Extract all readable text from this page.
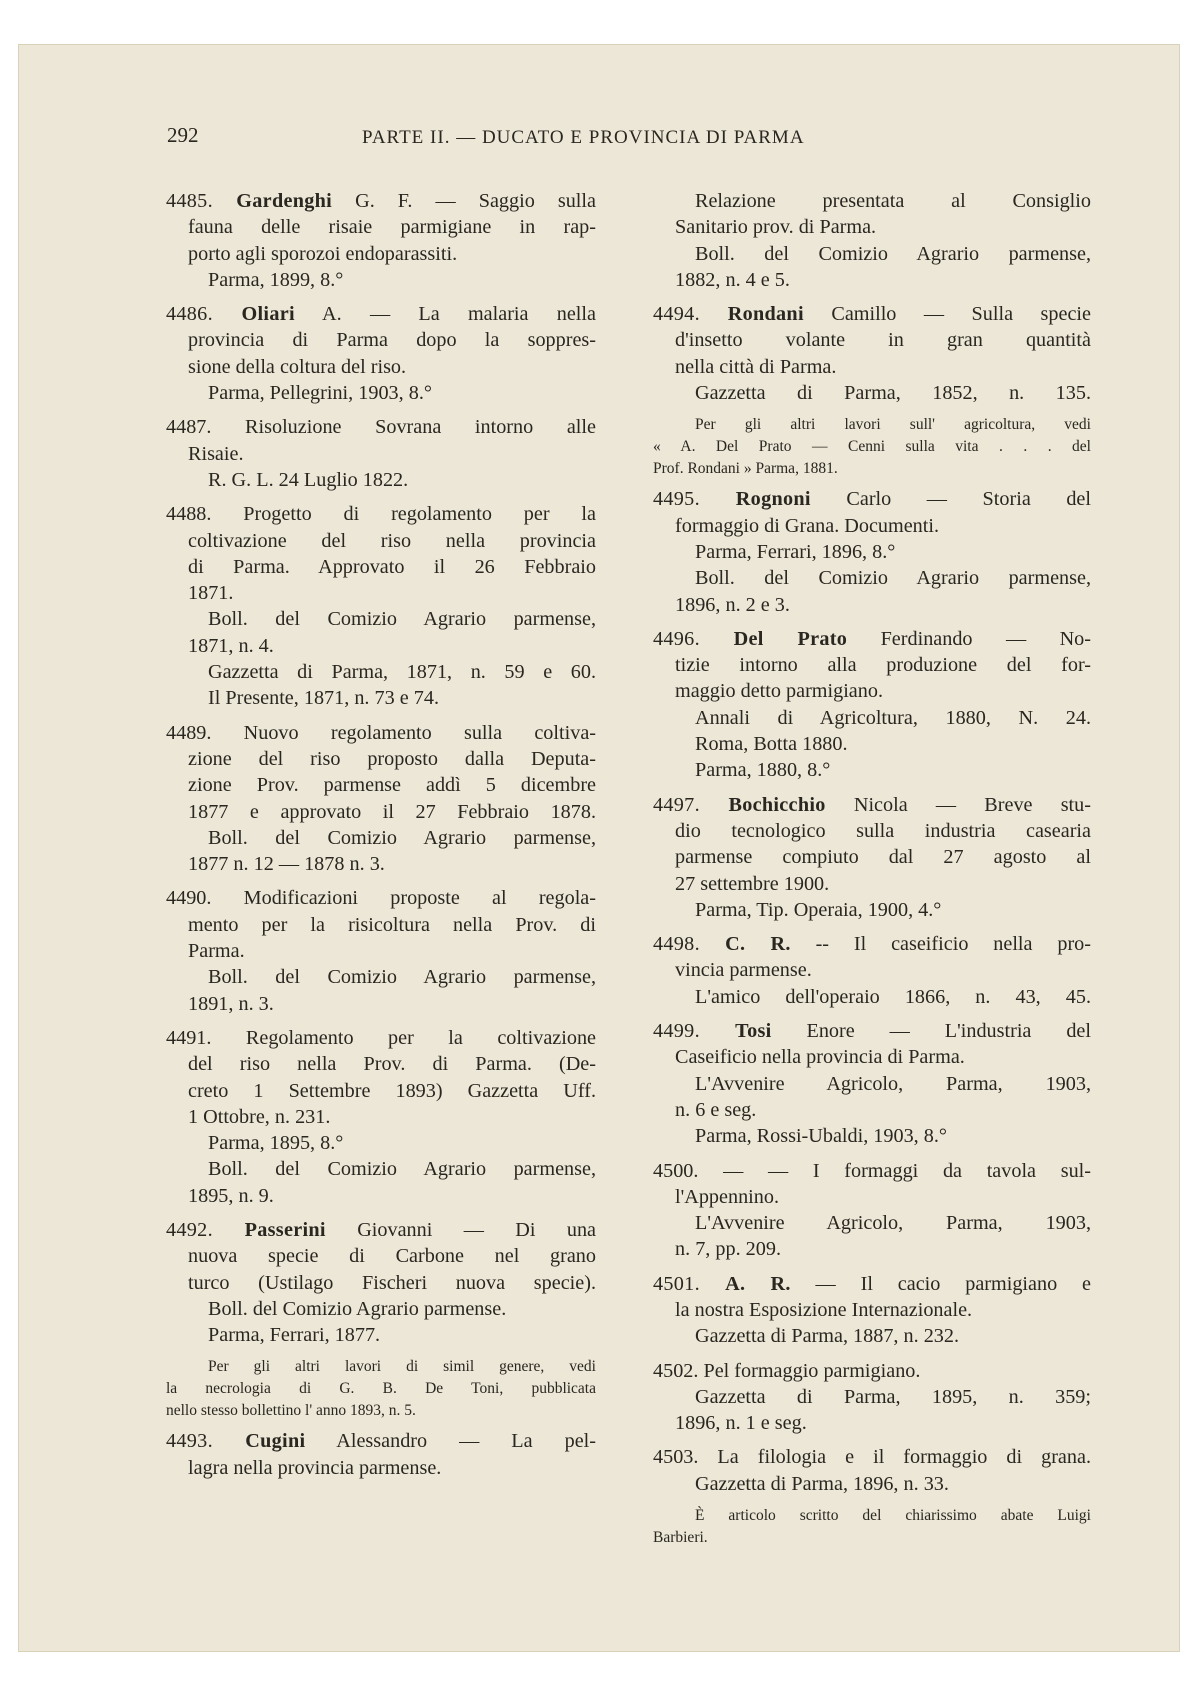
292	PARTE II. — DUCATO E PROVINCIA DI PARMA
4485. Gardenghi G. F. — Saggio sulla
fauna delle risaie parmigiane in rap-
porto agli sporozoi endoparassiti.
Parma, 1899, 8.°
4486. Oliari A. — La malaria nella
provincia di Parma dopo la soppres-
sione della coltura del riso.
Parma, Pellegrini, 1903, 8.°
4487. Risoluzione Sovrana intorno alle
Risaie.
R. G. L. 24 Luglio 1822.
4488. Progetto di regolamento per la
coltivazione del riso nella provincia
di Parma. Approvato il 26 Febbraio
1871.
Boll. del Comizio Agrario parmense,
1871, n. 4.
Gazzetta di Parma, 1871, n. 59 e 60.
Il Presente, 1871, n. 73 e 74.
4489. Nuovo regolamento sulla coltiva-
zione del riso proposto dalla Deputa-
zione Prov. parmense addì 5 dicembre
1877 e approvato il 27 Febbraio 1878.
Boll. del Comizio Agrario parmense,
1877 n. 12 — 1878 n. 3.
4490. Modificazioni proposte al regola-
mento per la risicoltura nella Prov. di
Parma.
Boll. del Comizio Agrario parmense,
1891, n. 3.
4491. Regolamento per la coltivazione
del riso nella Prov. di Parma. (De-
creto 1 Settembre 1893) Gazzetta Uff.
1 Ottobre, n. 231.
Parma, 1895, 8.°
Boll. del Comizio Agrario parmense,
1895, n. 9.
4492. Passerini Giovanni — Di una
nuova specie di Carbone nel grano
turco (Ustilago Fischeri nuova specie).
Boll. del Comizio Agrario parmense.
Parma, Ferrari, 1877.
Per gli altri lavori di simil genere, vedi
la necrologia di G. B. De Toni, pubblicata
nello stesso bollettino l' anno 1893, n. 5.
4493. Cugini Alessandro — La pel-
lagra nella provincia parmense.
Relazione presentata al Consiglio
Sanitario prov. di Parma.
Boll. del Comizio Agrario parmense,
1882, n. 4 e 5.
4494. Rondani Camillo — Sulla specie
d'insetto volante in gran quantità
nella città di Parma.
Gazzetta di Parma, 1852, n. 135.
Per gli altri lavori sull' agricoltura, vedi
« A. Del Prato — Cenni sulla vita . . . del
Prof. Rondani » Parma, 1881.
4495. Rognoni Carlo — Storia del
formaggio di Grana. Documenti.
Parma, Ferrari, 1896, 8.°
Boll. del Comizio Agrario parmense,
1896, n. 2 e 3.
4496. Del Prato Ferdinando — No-
tizie intorno alla produzione del for-
maggio detto parmigiano.
Annali di Agricoltura, 1880, N. 24.
Roma, Botta 1880.
Parma, 1880, 8.°
4497. Bochicchio Nicola — Breve stu-
dio tecnologico sulla industria casearia
parmense compiuto dal 27 agosto al
27 settembre 1900.
Parma, Tip. Operaia, 1900, 4.°
4498. C. R. -- Il caseificio nella pro-
vincia parmense.
L'amico dell'operaio 1866, n. 43, 45.
4499. Tosi Enore — L'industria del
Caseificio nella provincia di Parma.
L'Avvenire Agricolo, Parma, 1903,
n. 6 e seg.
Parma, Rossi-Ubaldi, 1903, 8.°
4500. — — I formaggi da tavola sul-
l'Appennino.
L'Avvenire Agricolo, Parma, 1903,
n. 7, pp. 209.
4501. A. R. — Il cacio parmigiano e
la nostra Esposizione Internazionale.
Gazzetta di Parma, 1887, n. 232.
4502. Pel formaggio parmigiano.
Gazzetta di Parma, 1895, n. 359;
1896, n. 1 e seg.
4503. La filologia e il formaggio di grana.
Gazzetta di Parma, 1896, n. 33.
È articolo scritto del chiarissimo abate Luigi
Barbieri.
